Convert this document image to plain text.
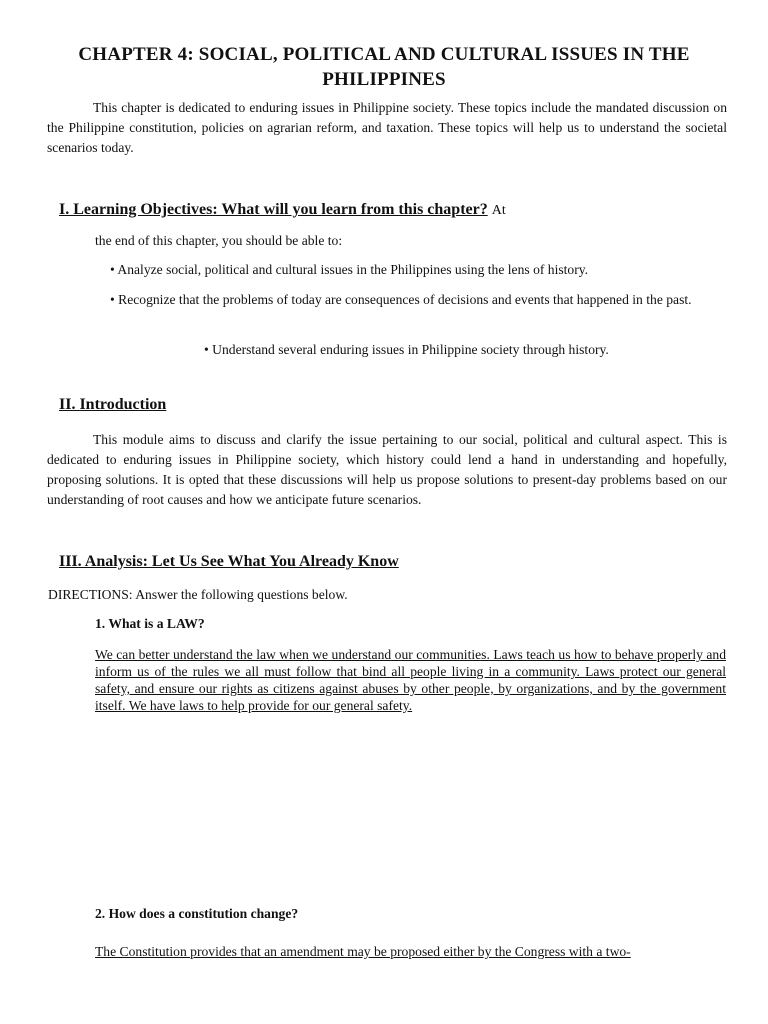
CHAPTER 4: SOCIAL, POLITICAL AND CULTURAL ISSUES IN THE PHILIPPINES
This chapter is dedicated to enduring issues in Philippine society. These topics include the mandated discussion on the Philippine constitution, policies on agrarian reform, and taxation. These topics will help us to understand the societal scenarios today.
I. Learning Objectives: What will you learn from this chapter? At
the end of this chapter, you should be able to:
• Analyze social, political and cultural issues in the Philippines using the lens of history.
• Recognize that the problems of today are consequences of decisions and events that happened in the past.
• Understand several enduring issues in Philippine society through history.
II. Introduction
This module aims to discuss and clarify the issue pertaining to our social, political and cultural aspect. This is dedicated to enduring issues in Philippine society, which history could lend a hand in understanding and hopefully, proposing solutions. It is opted that these discussions will help us propose solutions to present-day problems based on our understanding of root causes and how we anticipate future scenarios.
III. Analysis: Let Us See What You Already Know
DIRECTIONS: Answer the following questions below.
1. What is a LAW?
We can better understand the law when we understand our communities. Laws teach us how to behave properly and inform us of the rules we all must follow that bind all people living in a community. Laws protect our general safety, and ensure our rights as citizens against abuses by other people, by organizations, and by the government itself. We have laws to help provide for our general safety.
2. How does a constitution change?
The Constitution provides that an amendment may be proposed either by the Congress with a two-
